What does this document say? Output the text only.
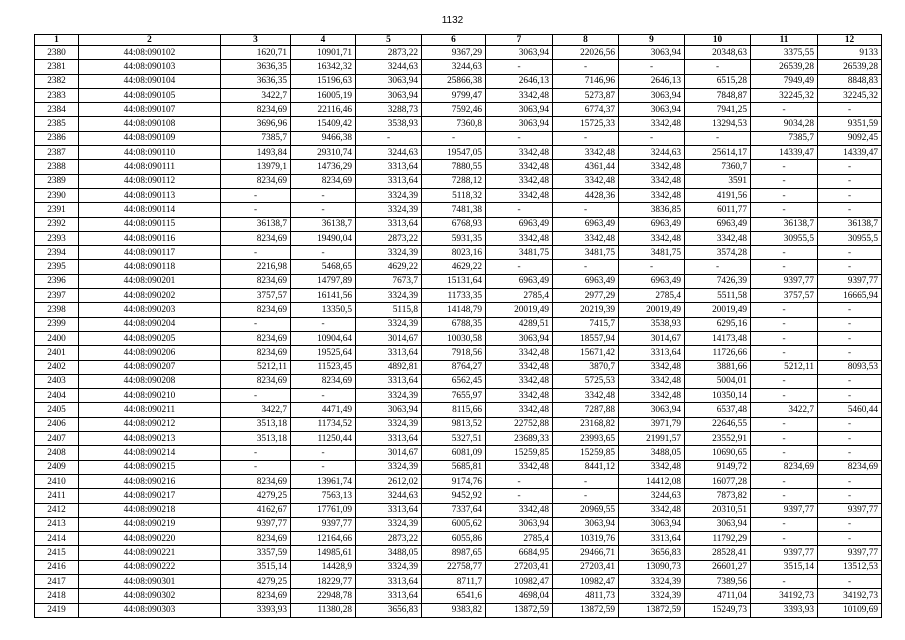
1132
1	2	3	4	5	6	7	8	9	10	11	12
2380	44:08:090102	1620,71	10901,71	2873,22	9367,29	3063,94	22026,56	3063,94	20348,63	3375,55	9133
2381	44:08:090103	3636,35	16342,32	3244,63	3244,63	-	-	-	-	26539,28	26539,28
2382	44:08:090104	3636,35	15196,63	3063,94	25866,38	2646,13	7146,96	2646,13	6515,28	7949,49	8848,83
2383	44:08:090105	3422,7	16005,19	3063,94	9799,47	3342,48	5273,87	3063,94	7848,87	32245,32	32245,32
2384	44:08:090107	8234,69	22116,46	3288,73	7592,46	3063,94	6774,37	3063,94	7941,25	-	-
2385	44:08:090108	3696,96	15409,42	3538,93	7360,8	3063,94	15725,33	3342,48	13294,53	9034,28	9351,59
2386	44:08:090109	7385,7	9466,38	-	-	-	-	-	-	7385,7	9092,45
2387	44:08:090110	1493,84	29310,74	3244,63	19547,05	3342,48	3342,48	3244,63	25614,17	14339,47	14339,47
2388	44:08:090111	13979,1	14736,29	3313,64	7880,55	3342,48	4361,44	3342,48	7360,7	-	-
2389	44:08:090112	8234,69	8234,69	3313,64	7288,12	3342,48	3342,48	3342,48	3591	-	-
2390	44:08:090113	-	-	3324,39	5118,32	3342,48	4428,36	3342,48	4191,56	-	-
2391	44:08:090114	-	-	3324,39	7481,38	-	-	3836,85	6011,77	-	-
2392	44:08:090115	36138,7	36138,7	3313,64	6768,93	6963,49	6963,49	6963,49	6963,49	36138,7	36138,7
2393	44:08:090116	8234,69	19490,04	2873,22	5931,35	3342,48	3342,48	3342,48	3342,48	30955,5	30955,5
2394	44:08:090117	-	-	3324,39	8023,16	3481,75	3481,75	3481,75	3574,28	-	-
2395	44:08:090118	2216,98	5468,65	4629,22	4629,22	-	-	-	-	-	-
2396	44:08:090201	8234,69	14797,89	7673,7	15131,64	6963,49	6963,49	6963,49	7426,39	9397,77	9397,77
2397	44:08:090202	3757,57	16141,56	3324,39	11733,35	2785,4	2977,29	2785,4	5511,58	3757,57	16665,94
2398	44:08:090203	8234,69	13350,5	5115,8	14148,79	20019,49	20219,39	20019,49	20019,49	-	-
2399	44:08:090204	-	-	3324,39	6788,35	4289,51	7415,7	3538,93	6295,16	-	-
2400	44:08:090205	8234,69	10904,64	3014,67	10030,58	3063,94	18557,94	3014,67	14173,48	-	-
2401	44:08:090206	8234,69	19525,64	3313,64	7918,56	3342,48	15671,42	3313,64	11726,66	-	-
2402	44:08:090207	5212,11	11523,45	4892,81	8764,27	3342,48	3870,7	3342,48	3881,66	5212,11	8093,53
2403	44:08:090208	8234,69	8234,69	3313,64	6562,45	3342,48	5725,53	3342,48	5004,01	-	-
2404	44:08:090210	-	-	3324,39	7655,97	3342,48	3342,48	3342,48	10350,14	-	-
2405	44:08:090211	3422,7	4471,49	3063,94	8115,66	3342,48	7287,88	3063,94	6537,48	3422,7	5460,44
2406	44:08:090212	3513,18	11734,52	3324,39	9813,52	22752,88	23168,82	3971,79	22646,55	-	-
2407	44:08:090213	3513,18	11250,44	3313,64	5327,51	23689,33	23993,65	21991,57	23552,91	-	-
2408	44:08:090214	-	-	3014,67	6081,09	15259,85	15259,85	3488,05	10690,65	-	-
2409	44:08:090215	-	-	3324,39	5685,81	3342,48	8441,12	3342,48	9149,72	8234,69	8234,69
2410	44:08:090216	8234,69	13961,74	2612,02	9174,76	-	-	14412,08	16077,28	-	-
2411	44:08:090217	4279,25	7563,13	3244,63	9452,92	-	-	3244,63	7873,82	-	-
2412	44:08:090218	4162,67	17761,09	3313,64	7337,64	3342,48	20969,55	3342,48	20310,51	9397,77	9397,77
2413	44:08:090219	9397,77	9397,77	3324,39	6005,62	3063,94	3063,94	3063,94	3063,94	-	-
2414	44:08:090220	8234,69	12164,66	2873,22	6055,86	2785,4	10319,76	3313,64	11792,29	-	-
2415	44:08:090221	3357,59	14985,61	3488,05	8987,65	6684,95	29466,71	3656,83	28528,41	9397,77	9397,77
2416	44:08:090222	3515,14	14428,9	3324,39	22758,77	27203,41	27203,41	13090,73	26601,27	3515,14	13512,53
2417	44:08:090301	4279,25	18229,77	3313,64	8711,7	10982,47	10982,47	3324,39	7389,56	-	-
2418	44:08:090302	8234,69	22948,78	3313,64	6541,6	4698,04	4811,73	3324,39	4711,04	34192,73	34192,73
2419	44:08:090303	3393,93	11380,28	3656,83	9383,82	13872,59	13872,59	13872,59	15249,73	3393,93	10109,69
